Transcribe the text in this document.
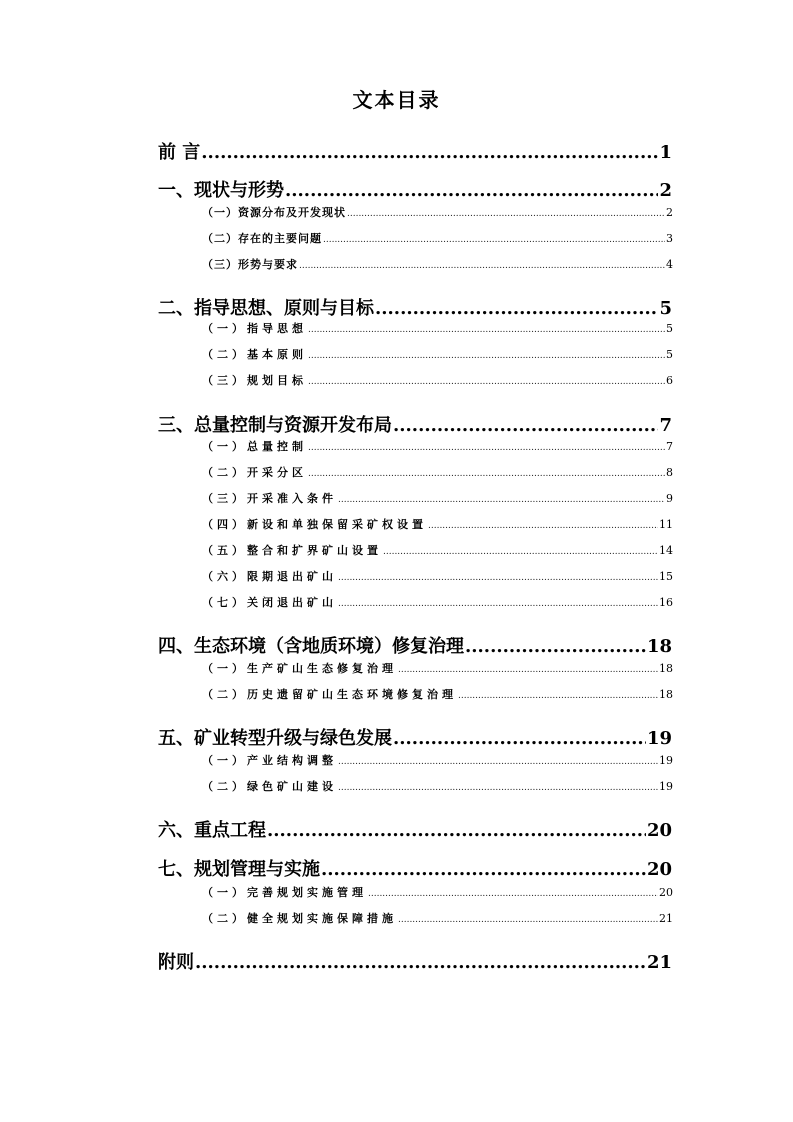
文本目录
前 言 .....	1
一、现状与形势 .....	2
（一）资源分布及开发现状 .....	2
（二）存在的主要问题 .....	3
（三）形势与要求 .....	4
二、指导思想、原则与目标 .....	5
（一）指导思想 .....	5
（二）基本原则 .....	5
（三）规划目标 .....	6
三、总量控制与资源开发布局 .....	7
（一）总量控制 .....	7
（二）开采分区 .....	8
（三）开采准入条件 .....	9
（四）新设和单独保留采矿权设置 .....	11
（五）整合和扩界矿山设置 .....	14
（六）限期退出矿山 .....	15
（七）关闭退出矿山 .....	16
四、生态环境（含地质环境）修复治理 .....	18
（一）生产矿山生态修复治理 .....	18
（二）历史遗留矿山生态环境修复治理 .....	18
五、矿业转型升级与绿色发展 .....	19
（一）产业结构调整 .....	19
（二）绿色矿山建设 .....	19
六、重点工程 .....	20
七、规划管理与实施 .....	20
（一）完善规划实施管理 .....	20
（二）健全规划实施保障措施 .....	21
附则 .....	21
